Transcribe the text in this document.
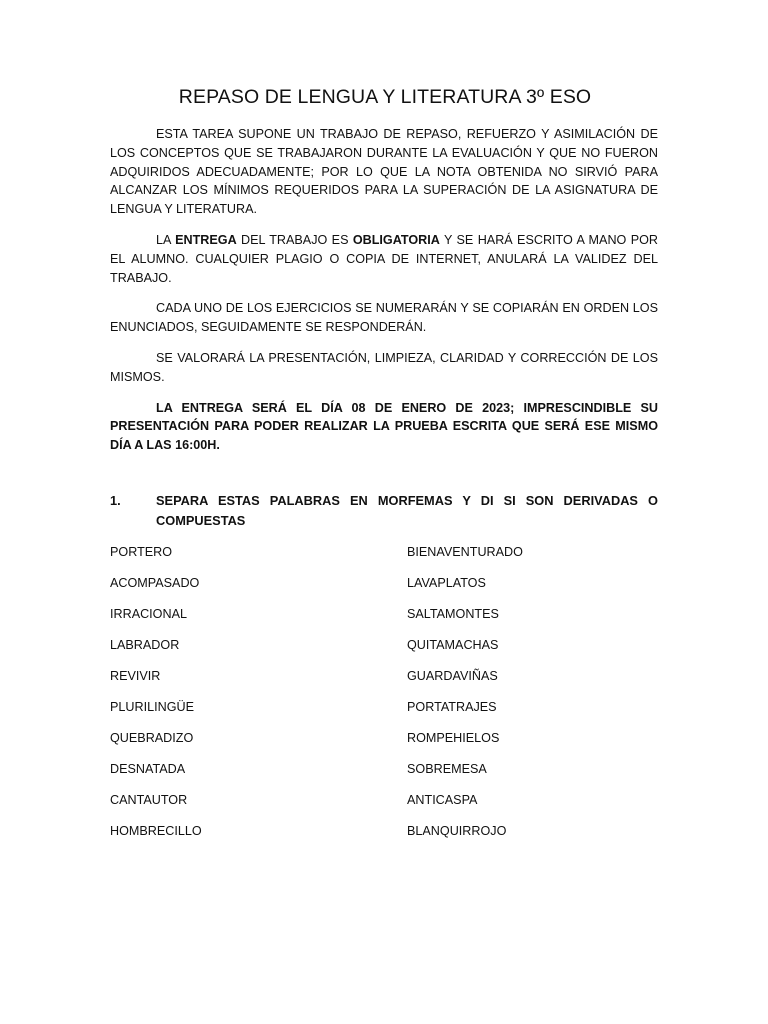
REPASO DE LENGUA Y LITERATURA 3º ESO

ESTA TAREA SUPONE UN TRABAJO DE REPASO, REFUERZO Y ASIMILACIÓN DE LOS CONCEPTOS QUE SE TRABAJARON DURANTE LA EVALUACIÓN Y QUE NO FUERON ADQUIRIDOS ADECUADAMENTE; POR LO QUE LA NOTA OBTENIDA NO SIRVIÓ PARA ALCANZAR LOS MÍNIMOS REQUERIDOS PARA LA SUPERACIÓN DE LA ASIGNATURA DE LENGUA Y LITERATURA.

LA ENTREGA DEL TRABAJO ES OBLIGATORIA Y SE HARÁ ESCRITO A MANO POR EL ALUMNO. CUALQUIER PLAGIO O COPIA DE INTERNET, ANULARÁ LA VALIDEZ DEL TRABAJO.

CADA UNO DE LOS EJERCICIOS SE NUMERARÁN Y SE COPIARÁN EN ORDEN LOS ENUNCIADOS, SEGUIDAMENTE SE RESPONDERÁN.

SE VALORARÁ LA PRESENTACIÓN, LIMPIEZA, CLARIDAD Y CORRECCIÓN DE LOS MISMOS.

LA ENTREGA SERÁ EL DÍA 08 DE ENERO DE 2023; IMPRESCINDIBLE SU PRESENTACIÓN PARA PODER REALIZAR LA PRUEBA ESCRITA QUE SERÁ ESE MISMO DÍA A LAS 16:00H.

1.	SEPARA ESTAS PALABRAS EN MORFEMAS Y DI SI SON DERIVADAS O COMPUESTAS
PORTERO	BIENAVENTURADO
ACOMPASADO	LAVAPLATOS
IRRACIONAL	SALTAMONTES
LABRADOR	QUITAMACHAS
REVIVIR	GUARDAVIÑAS
PLURILINGÜE	PORTATRAJES
QUEBRADIZO	ROMPEHIELOS
DESNATADA	SOBREMESA
CANTAUTOR	ANTICASPA
HOMBRECILLO	BLANQUIRROJO
